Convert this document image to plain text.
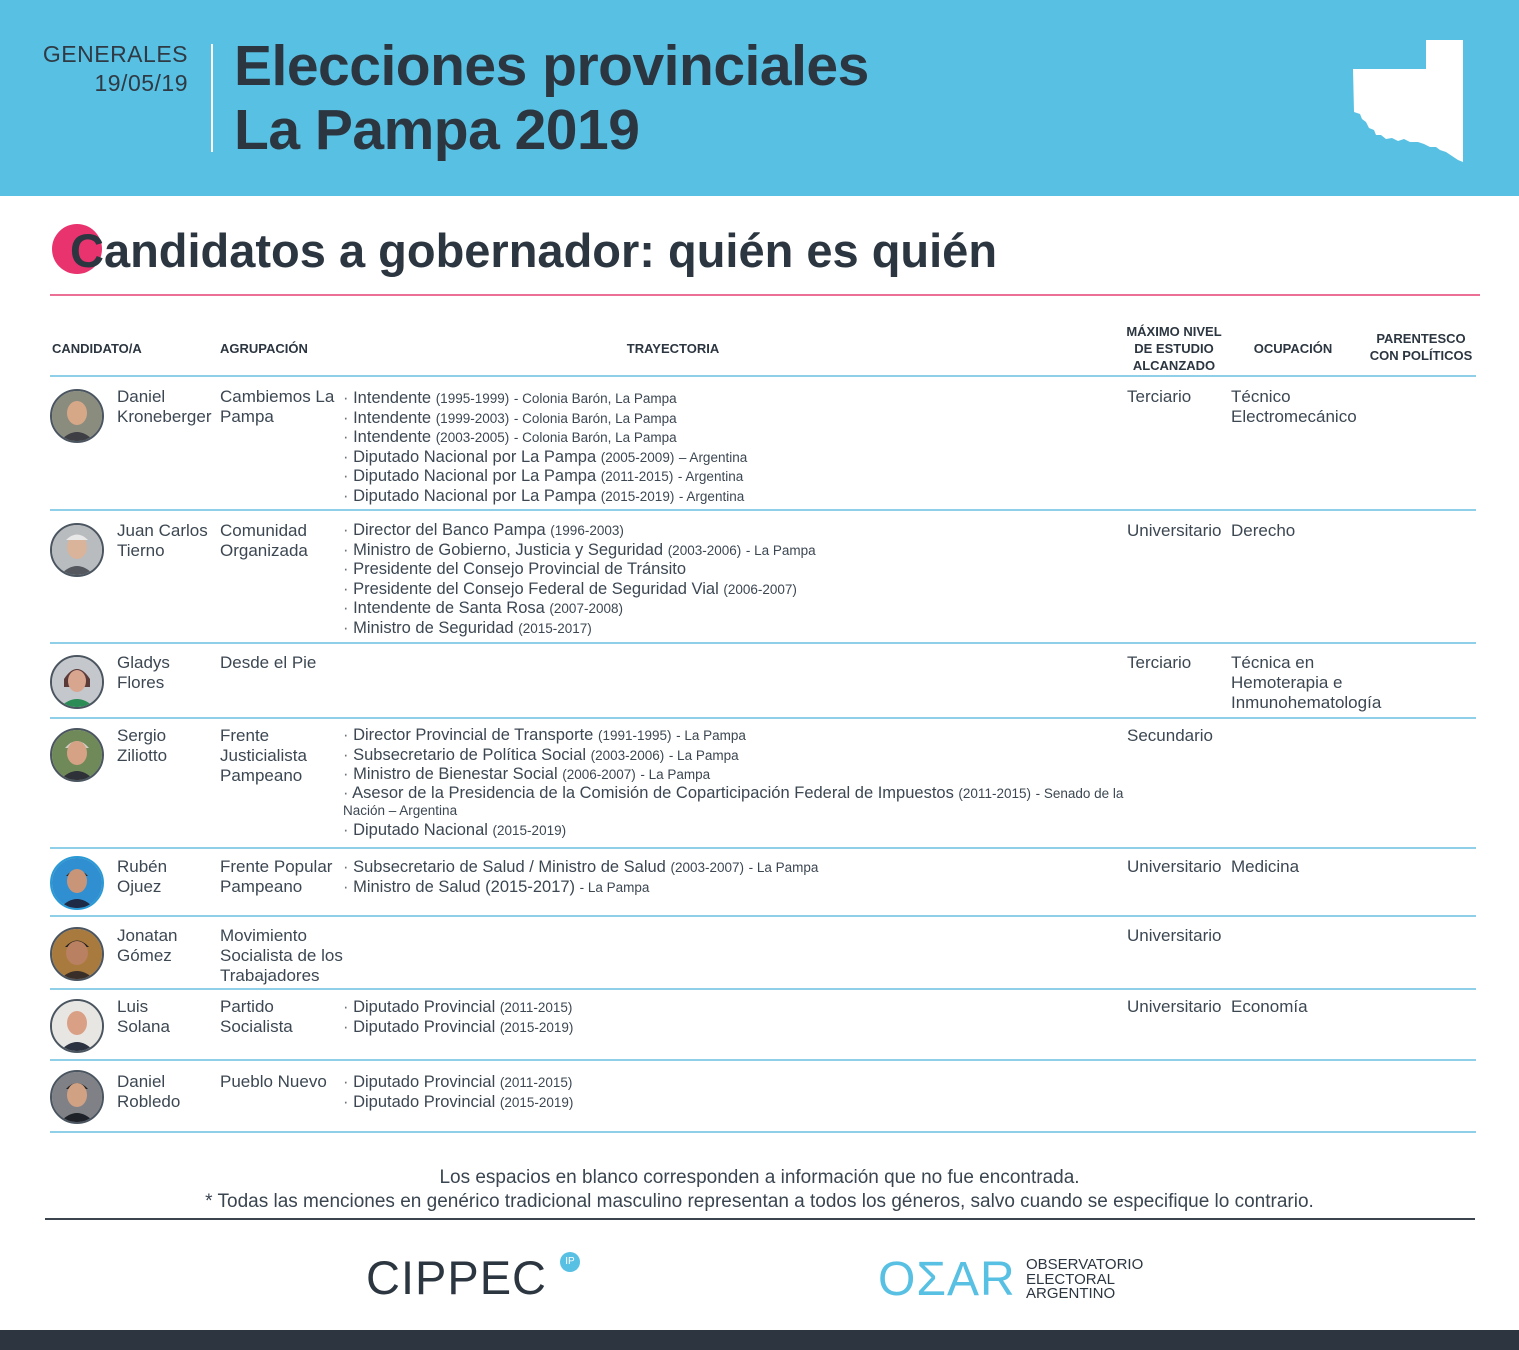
GENERALES
19/05/19 Elecciones provinciales
La Pampa 2019
Candidatos a gobernador: quién es quién
CANDIDATO/A	AGRUPACIÓN	TRAYECTORIA
MÁXIMO NIVEL DE ESTUDIO ALCANZADO
OCUPACIÓN
PARENTESCO CON POLÍTICOS
Daniel
Kroneberger
Cambiemos La Pampa
· Intendente (1995-1999) - Colonia Barón, La Pampa
· Intendente (1999-2003) - Colonia Barón, La Pampa
· Intendente (2003-2005) - Colonia Barón, La Pampa
· Diputado Nacional por La Pampa (2005-2009) – Argentina
· Diputado Nacional por La Pampa (2011-2015) - Argentina
· Diputado Nacional por La Pampa (2015-2019) - Argentina
Terciario	Técnico Electromecánico
Juan Carlos
Tierno
Comunidad Organizada
· Director del Banco Pampa (1996-2003)
· Ministro de Gobierno, Justicia y Seguridad (2003-2006) - La Pampa
· Presidente del Consejo Provincial de Tránsito
· Presidente del Consejo Federal de Seguridad Vial (2006-2007)
· Intendente de Santa Rosa (2007-2008)
· Ministro de Seguridad (2015-2017)
Universitario Derecho
Gladys
Flores
Desde el Pie	Terciario	Técnica en Hemoterapia e Inmunohematología
Sergio
Ziliotto
Frente Justicialista Pampeano
· Director Provincial de Transporte (1991-1995) - La Pampa
· Subsecretario de Política Social (2003-2006) - La Pampa
· Ministro de Bienestar Social (2006-2007) - La Pampa
· Asesor de la Presidencia de la Comisión de Coparticipación Federal de Impuestos (2011-2015) - Senado de la Nación – Argentina
· Diputado Nacional (2015-2019)
Secundario
Rubén
Ojuez
Frente Popular Pampeano
· Subsecretario de Salud / Ministro de Salud (2003-2007) - La Pampa
· Ministro de Salud (2015-2017) - La Pampa
Universitario Medicina
Jonatan
Gómez
Movimiento Socialista de los Trabajadores
Universitario
Luis
Solana
Partido Socialista
· Diputado Provincial (2011-2015)
· Diputado Provincial (2015-2019)
Universitario Economía
Daniel
Robledo
Pueblo Nuevo
·	Diputado Provincial (2011-2015)
· Diputado Provincial (2015-2019)
Los espacios en blanco corresponden a información que no fue encontrada.
* Todas las menciones en genérico tradicional masculino representan a todos los géneros, salvo cuando se especifique lo contrario.
CIPPEC	IP	OΣAR OBSERVATORIO
ELECTORAL
ARGENTINO
